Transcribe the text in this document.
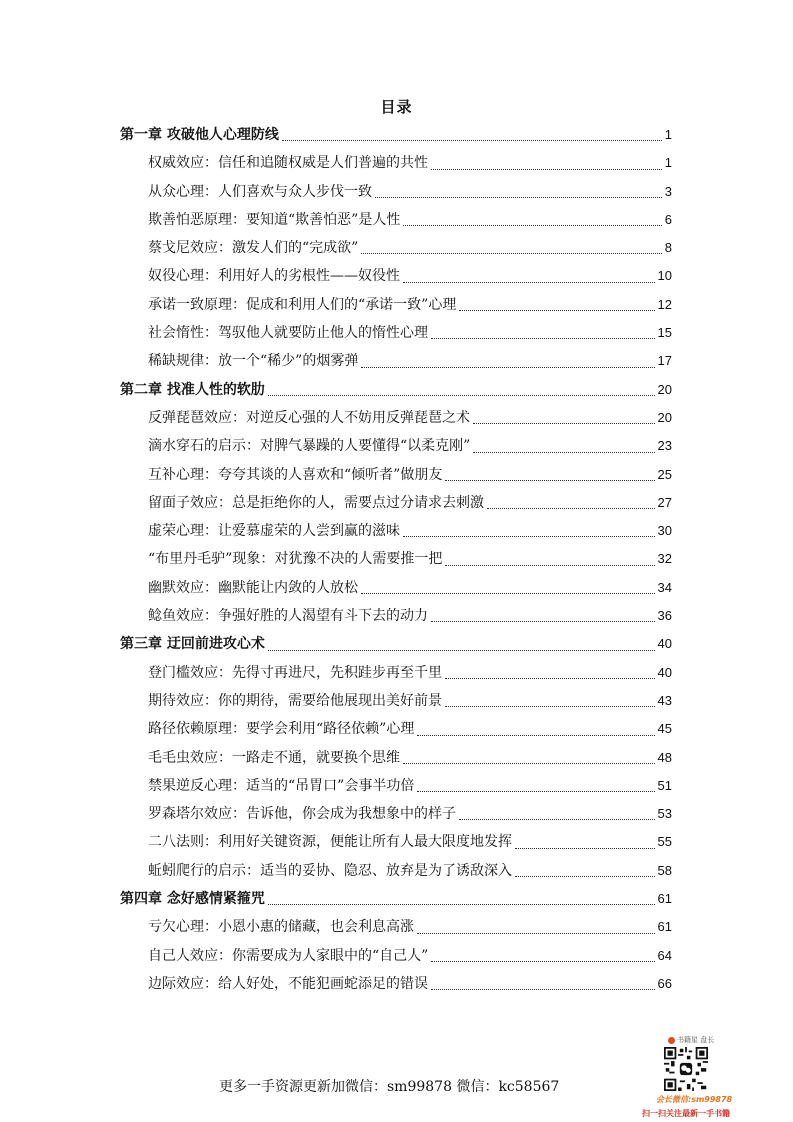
目录
第一章 攻破他人心理防线	1
权威效应：信任和追随权威是人们普遍的共性	1
从众心理：人们喜欢与众人步伐一致	3
欺善怕恶原理：要知道“欺善怕恶”是人性	6
蔡戈尼效应：激发人们的“完成欲”	8
奴役心理：利用好人的劣根性——奴役性	10
承诺一致原理：促成和利用人们的“承诺一致”心理	12
社会惰性：驾驭他人就要防止他人的惰性心理	15
稀缺规律：放一个“稀少”的烟雾弹	17
第二章 找准人性的软肋	20
反弹琵琶效应：对逆反心强的人不妨用反弹琵琶之术	20
滴水穿石的启示：对脾气暴躁的人要懂得“以柔克刚”	23
互补心理：夸夸其谈的人喜欢和“倾听者”做朋友	25
留面子效应：总是拒绝你的人，需要点过分请求去刺激	27
虚荣心理：让爱慕虚荣的人尝到赢的滋味	30
“布里丹毛驴”现象：对犹豫不决的人需要推一把	32
幽默效应：幽默能让内敛的人放松	34
鲶鱼效应：争强好胜的人渴望有斗下去的动力	36
第三章 迂回前进攻心术	40
登门槛效应：先得寸再进尺，先积跬步再至千里	40
期待效应：你的期待，需要给他展现出美好前景	43
路径依赖原理：要学会利用“路径依赖”心理	45
毛毛虫效应：一路走不通，就要换个思维	48
禁果逆反心理：适当的“吊胃口”会事半功倍	51
罗森塔尔效应：告诉他，你会成为我想象中的样子	53
二八法则：利用好关键资源，便能让所有人最大限度地发挥	55
蚯蚓爬行的启示：适当的妥协、隐忍、放弃是为了诱敌深入	58
第四章 念好感情紧箍咒	61
亏欠心理：小恩小惠的储藏，也会利息高涨	61
自己人效应：你需要成为人家眼中的“自己人”	64
边际效应：给人好处，不能犯画蛇添足的错误	66
更多一手资源更新加微信：sm99878 微信：kc58567
书籍星 盘长
会长微信:sm99878
扫一扫关注最新一手书籍
